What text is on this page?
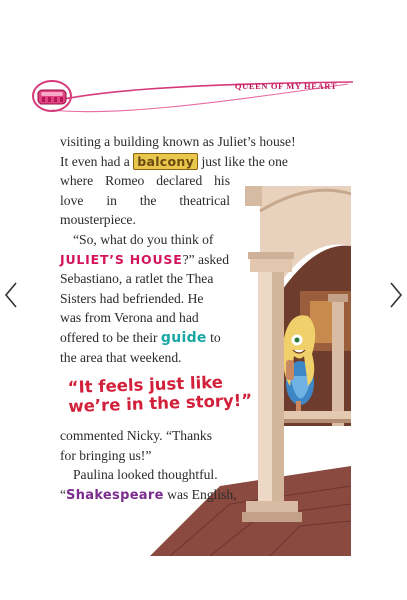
QUEEN OF MY HEART
visiting a building known as Juliet’s house!
It even had a balcony just like the one
where Romeo declared his
love in the theatrical
mousterpiece.
“So, what do you think of
JULIET’S HOUSE?” asked
Sebastiano, a ratlet the Thea
Sisters had befriended. He
was from Verona and had
offered to be their guide to
the area that weekend.
“It feels just like
we’re in the story!”
commented Nicky. “Thanks
for bringing us!”
Paulina looked thoughtful.
“Shakespeare was English,
